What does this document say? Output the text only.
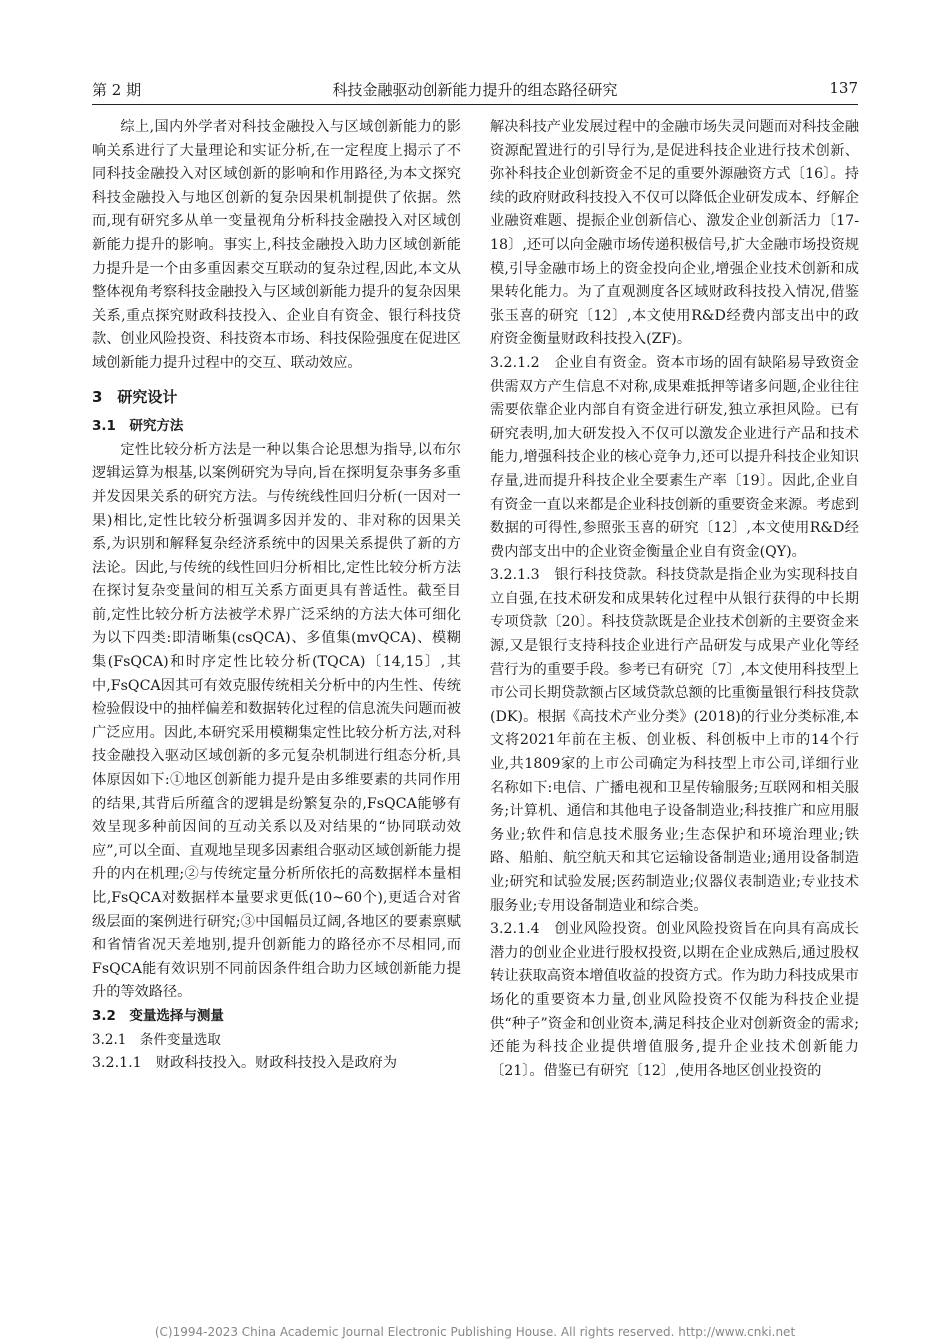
第 2 期	科技金融驱动创新能力提升的组态路径研究	137

综上,国内外学者对科技金融投入与区域创新能力的影响关系进行了大量理论和实证分析,在一定程度上揭示了不同科技金融投入对区域创新的影响和作用路径,为本文探究科技金融投入与地区创新的复杂因果机制提供了依据。然而,现有研究多从单一变量视角分析科技金融投入对区域创新能力提升的影响。事实上,科技金融投入助力区域创新能力提升是一个由多重因素交互联动的复杂过程,因此,本文从整体视角考察科技金融投入与区域创新能力提升的复杂因果关系,重点探究财政科技投入、企业自有资金、银行科技贷款、创业风险投资、科技资本市场、科技保险强度在促进区域创新能力提升过程中的交互、联动效应。

3　研究设计

3.1　研究方法

定性比较分析方法是一种以集合论思想为指导,以布尔逻辑运算为根基,以案例研究为导向,旨在探明复杂事务多重并发因果关系的研究方法。与传统线性回归分析(一因对一果)相比,定性比较分析强调多因并发的、非对称的因果关系,为识别和解释复杂经济系统中的因果关系提供了新的方法论。因此,与传统的线性回归分析相比,定性比较分析方法在探讨复杂变量间的相互关系方面更具有普适性。截至目前,定性比较分析方法被学术界广泛采纳的方法大体可细化为以下四类:即清晰集(csQCA)、多值集(mvQCA)、模糊集(FsQCA)和时序定性比较分析(TQCA)〔14,15〕,其中,FsQCA因其可有效克服传统相关分析中的内生性、传统检验假设中的抽样偏差和数据转化过程的信息流失问题而被广泛应用。因此,本研究采用模糊集定性比较分析方法,对科技金融投入驱动区域创新的多元复杂机制进行组态分析,具体原因如下:①地区创新能力提升是由多维要素的共同作用的结果,其背后所蕴含的逻辑是纷繁复杂的,FsQCA能够有效呈现多种前因间的互动关系以及对结果的“协同联动效应”,可以全面、直观地呈现多因素组合驱动区域创新能力提升的内在机理;②与传统定量分析所依托的高数据样本量相比,FsQCA对数据样本量要求更低(10~60个),更适合对省级层面的案例进行研究;③中国幅员辽阔,各地区的要素禀赋和省情省况天差地别,提升创新能力的路径亦不尽相同,而FsQCA能有效识别不同前因条件组合助力区域创新能力提升的等效路径。

3.2　变量选择与测量

3.2.1　条件变量选取

3.2.1.1　财政科技投入。财政科技投入是政府为

解决科技产业发展过程中的金融市场失灵问题而对科技金融资源配置进行的引导行为,是促进科技企业进行技术创新、弥补科技企业创新资金不足的重要外源融资方式〔16〕。持续的政府财政科技投入不仅可以降低企业研发成本、纾解企业融资难题、提振企业创新信心、激发企业创新活力〔17-18〕,还可以向金融市场传递积极信号,扩大金融市场投资规模,引导金融市场上的资金投向企业,增强企业技术创新和成果转化能力。为了直观测度各区域财政科技投入情况,借鉴张玉喜的研究〔12〕,本文使用R&D经费内部支出中的政府资金衡量财政科技投入(ZF)。

3.2.1.2　企业自有资金。资本市场的固有缺陷易导致资金供需双方产生信息不对称,成果难抵押等诸多问题,企业往往需要依靠企业内部自有资金进行研发,独立承担风险。已有研究表明,加大研发投入不仅可以激发企业进行产品和技术能力,增强科技企业的核心竞争力,还可以提升科技企业知识存量,进而提升科技企业全要素生产率〔19〕。因此,企业自有资金一直以来都是企业科技创新的重要资金来源。考虑到数据的可得性,参照张玉喜的研究〔12〕,本文使用R&D经费内部支出中的企业资金衡量企业自有资金(QY)。

3.2.1.3　银行科技贷款。科技贷款是指企业为实现科技自立自强,在技术研发和成果转化过程中从银行获得的中长期专项贷款〔20〕。科技贷款既是企业技术创新的主要资金来源,又是银行支持科技企业进行产品研发与成果产业化等经营行为的重要手段。参考已有研究〔7〕,本文使用科技型上市公司长期贷款额占区域贷款总额的比重衡量银行科技贷款(DK)。根据《高技术产业分类》(2018)的行业分类标准,本文将2021年前在主板、创业板、科创板中上市的14个行业,共1809家的上市公司确定为科技型上市公司,详细行业名称如下:电信、广播电视和卫星传输服务;互联网和相关服务;计算机、通信和其他电子设备制造业;科技推广和应用服务业;软件和信息技术服务业;生态保护和环境治理业;铁路、船舶、航空航天和其它运输设备制造业;通用设备制造业;研究和试验发展;医药制造业;仪器仪表制造业;专业技术服务业;专用设备制造业和综合类。

3.2.1.4　创业风险投资。创业风险投资旨在向具有高成长潜力的创业企业进行股权投资,以期在企业成熟后,通过股权转让获取高资本增值收益的投资方式。作为助力科技成果市场化的重要资本力量,创业风险投资不仅能为科技企业提供“种子”资金和创业资本,满足科技企业对创新资金的需求;还能为科技企业提供增值服务,提升企业技术创新能力〔21〕。借鉴已有研究〔12〕,使用各地区创业投资的

(C)1994-2023 China Academic Journal Electronic Publishing House. All rights reserved. http://www.cnki.net
